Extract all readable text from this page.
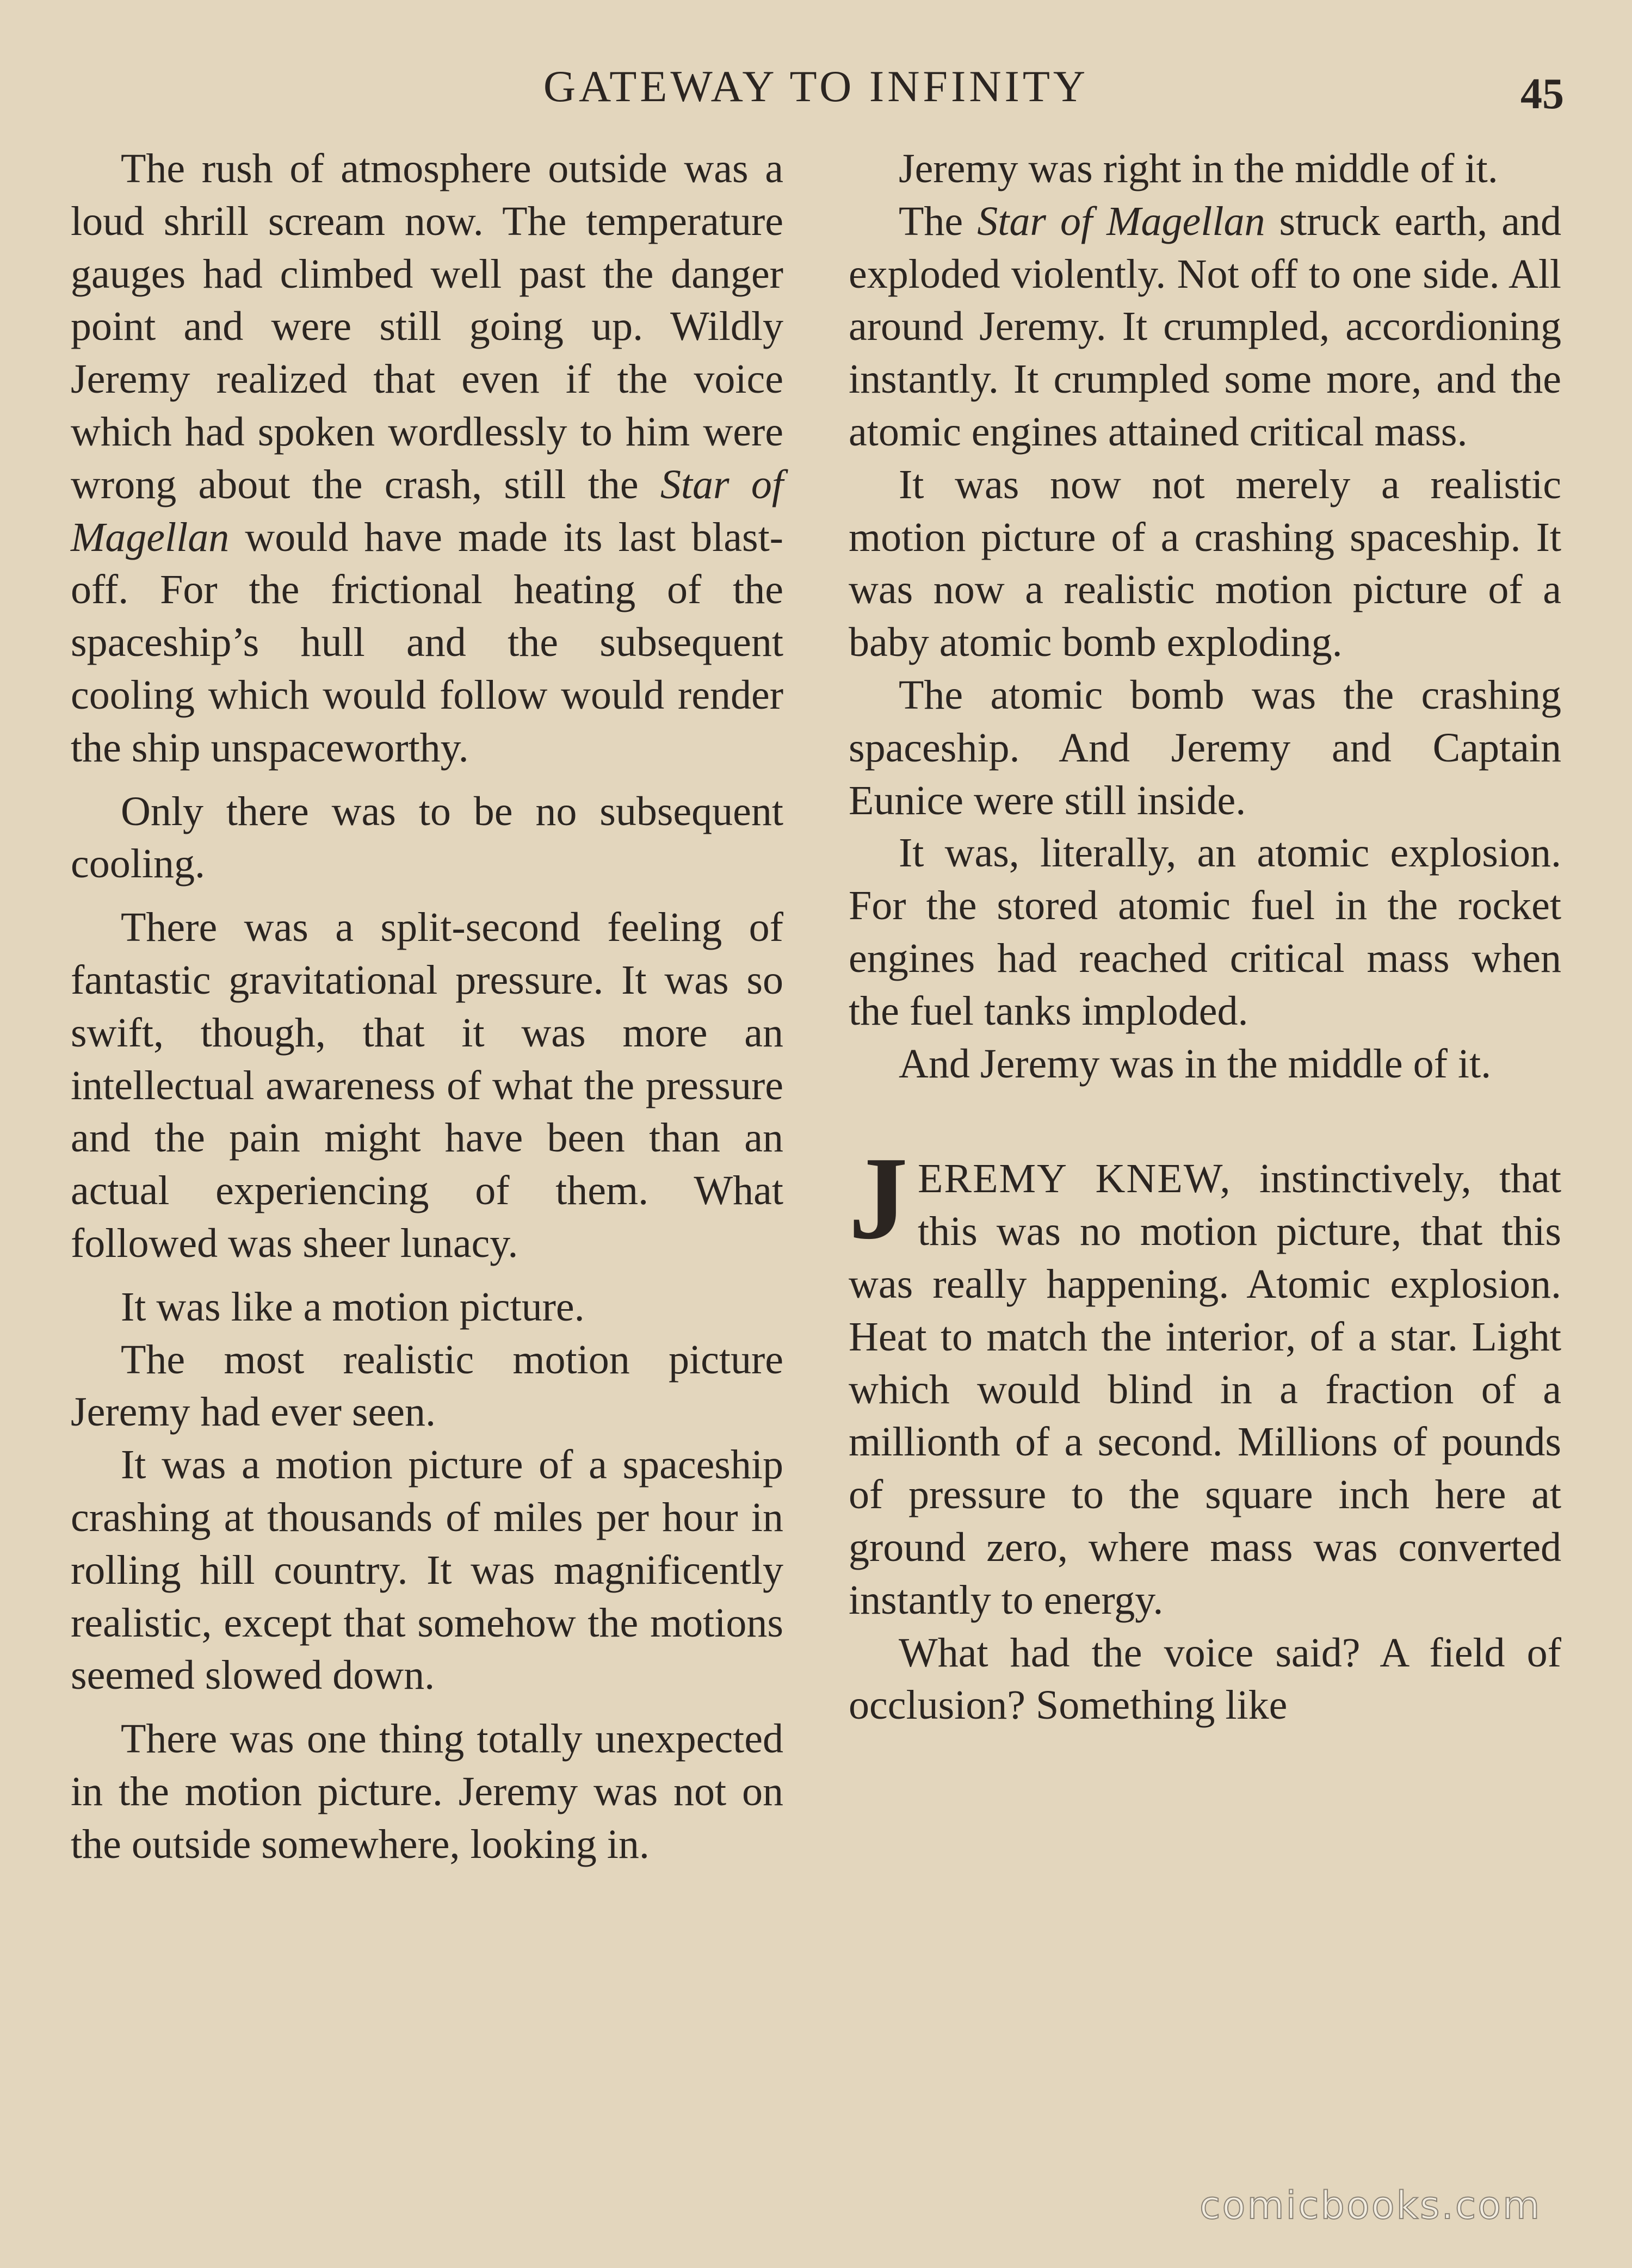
GATEWAY TO INFINITY	45

The rush of atmosphere outside was a loud shrill scream now. The temperature gauges had climbed well past the danger point and were still going up. Wildly Jeremy realized that even if the voice which had spoken wordlessly to him were wrong about the crash, still the Star of Magellan would have made its last blast-off. For the frictional heating of the spaceship’s hull and the subsequent cooling which would follow would render the ship unspaceworthy.

Only there was to be no subsequent cooling.

There was a split-second feeling of fantastic gravitational pressure. It was so swift, though, that it was more an intellectual awareness of what the pressure and the pain might have been than an actual experiencing of them. What followed was sheer lunacy.

It was like a motion picture.

The most realistic motion picture Jeremy had ever seen.

It was a motion picture of a spaceship crashing at thousands of miles per hour in rolling hill country. It was magnificently realistic, except that somehow the motions seemed slowed down.

There was one thing totally unexpected in the motion picture. Jeremy was not on the outside somewhere, looking in.

Jeremy was right in the middle of it.

The Star of Magellan struck earth, and exploded violently. Not off to one side. All around Jeremy. It crumpled, accordioning instantly. It crumpled some more, and the atomic engines attained critical mass.

It was now not merely a realistic motion picture of a crashing spaceship. It was now a realistic motion picture of a baby atomic bomb exploding.

The atomic bomb was the crashing spaceship. And Jeremy and Captain Eunice were still inside.

It was, literally, an atomic explosion. For the stored atomic fuel in the rocket engines had reached critical mass when the fuel tanks imploded.

And Jeremy was in the middle of it.

JEREMY KNEW, instinctively, that this was no motion picture, that this was really happening. Atomic explosion. Heat to match the interior, of a star. Light which would blind in a fraction of a millionth of a second. Millions of pounds of pressure to the square inch here at ground zero, where mass was converted instantly to energy.

What had the voice said? A field of occlusion? Something like

comicbooks.com
